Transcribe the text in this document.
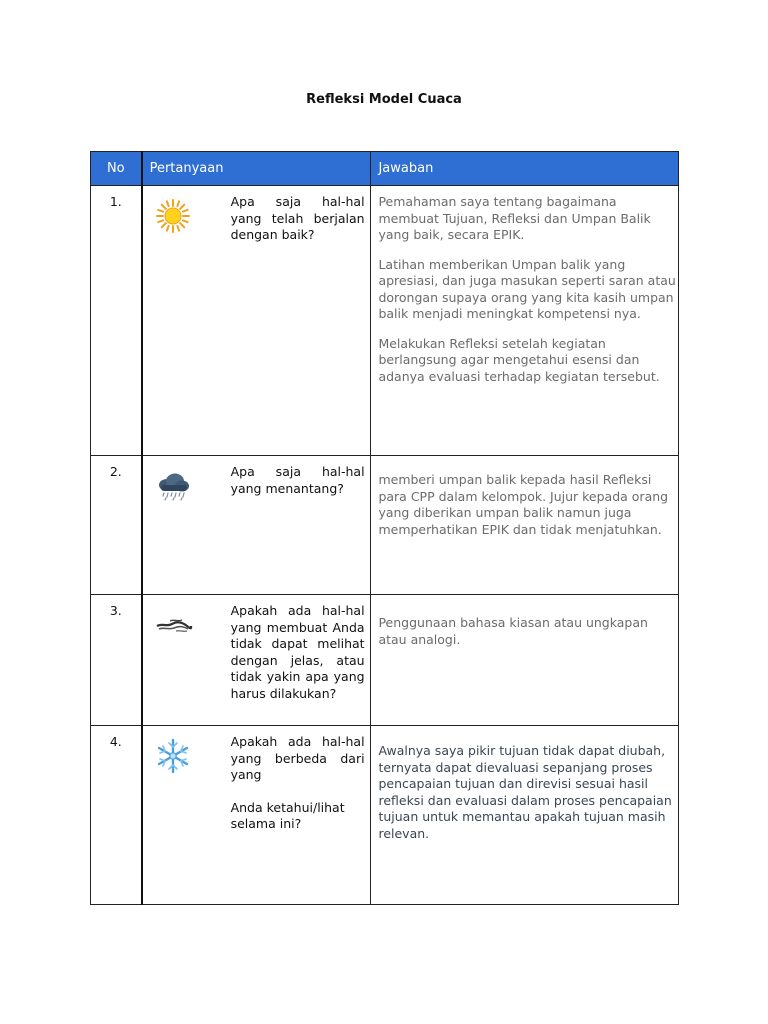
Refleksi Model Cuaca
No	Pertanyaan	Jawaban
1.	Apa saja hal-hal yang telah berjalan dengan baik?	Pemahaman saya tentang bagaimana membuat Tujuan, Refleksi dan Umpan Balik yang baik, secara EPIK.

Latihan memberikan Umpan balik yang apresiasi, dan juga masukan seperti saran atau dorongan supaya orang yang kita kasih umpan balik menjadi meningkat kompetensi nya.

Melakukan Refleksi setelah kegiatan berlangsung agar mengetahui esensi dan adanya evaluasi terhadap kegiatan tersebut.

2.	Apa saja hal-hal yang menantang?	memberi umpan balik kepada hasil Refleksi para CPP dalam kelompok. Jujur kepada orang yang diberikan umpan balik namun juga memperhatikan EPIK dan tidak menjatuhkan.

3.	Apakah ada hal-hal yang membuat Anda tidak dapat melihat dengan jelas, atau tidak yakin apa yang harus dilakukan?	Penggunaan bahasa kiasan atau ungkapan atau analogi.

4.	Apakah ada hal-hal yang berbeda dari yang

Anda ketahui/lihat selama ini?	Awalnya saya pikir tujuan tidak dapat diubah, ternyata dapat dievaluasi sepanjang proses pencapaian tujuan dan direvisi sesuai hasil refleksi dan evaluasi dalam proses pencapaian tujuan untuk memantau apakah tujuan masih relevan.
